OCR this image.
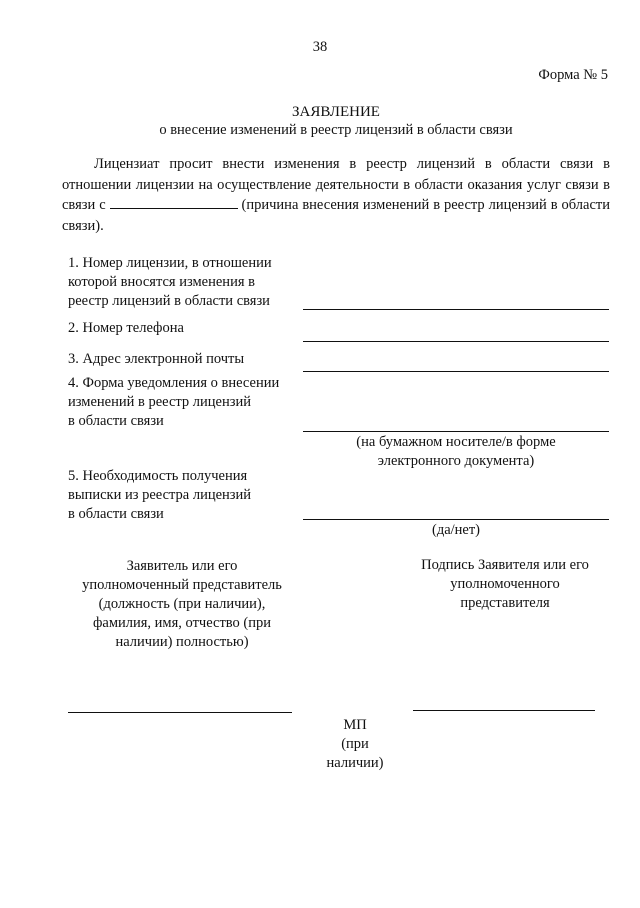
38
Форма № 5
ЗАЯВЛЕНИЕ
о внесение изменений в реестр лицензий в области связи
Лицензиат просит внести изменения в реестр лицензий в области связи в отношении лицензии на осуществление деятельности в области оказания услуг связи в связи с	(причина внесения изменений в реестр лицензий в области связи).
1. Номер лицензии, в отношении
которой вносятся изменения в
реестр лицензий в области связи
2. Номер телефона
3. Адрес электронной почты
4. Форма уведомления о внесении
изменений в реестр лицензий
в области связи
(на бумажном носителе/в форме
электронного документа)
5. Необходимость получения
выписки из реестра лицензий
в области связи
(да/нет)
Заявитель или его
уполномоченный представитель
(должность (при наличии),
фамилия, имя, отчество (при
наличии) полностью)
Подпись Заявителя или его
уполномоченного
представителя
МП
(при
наличии)
